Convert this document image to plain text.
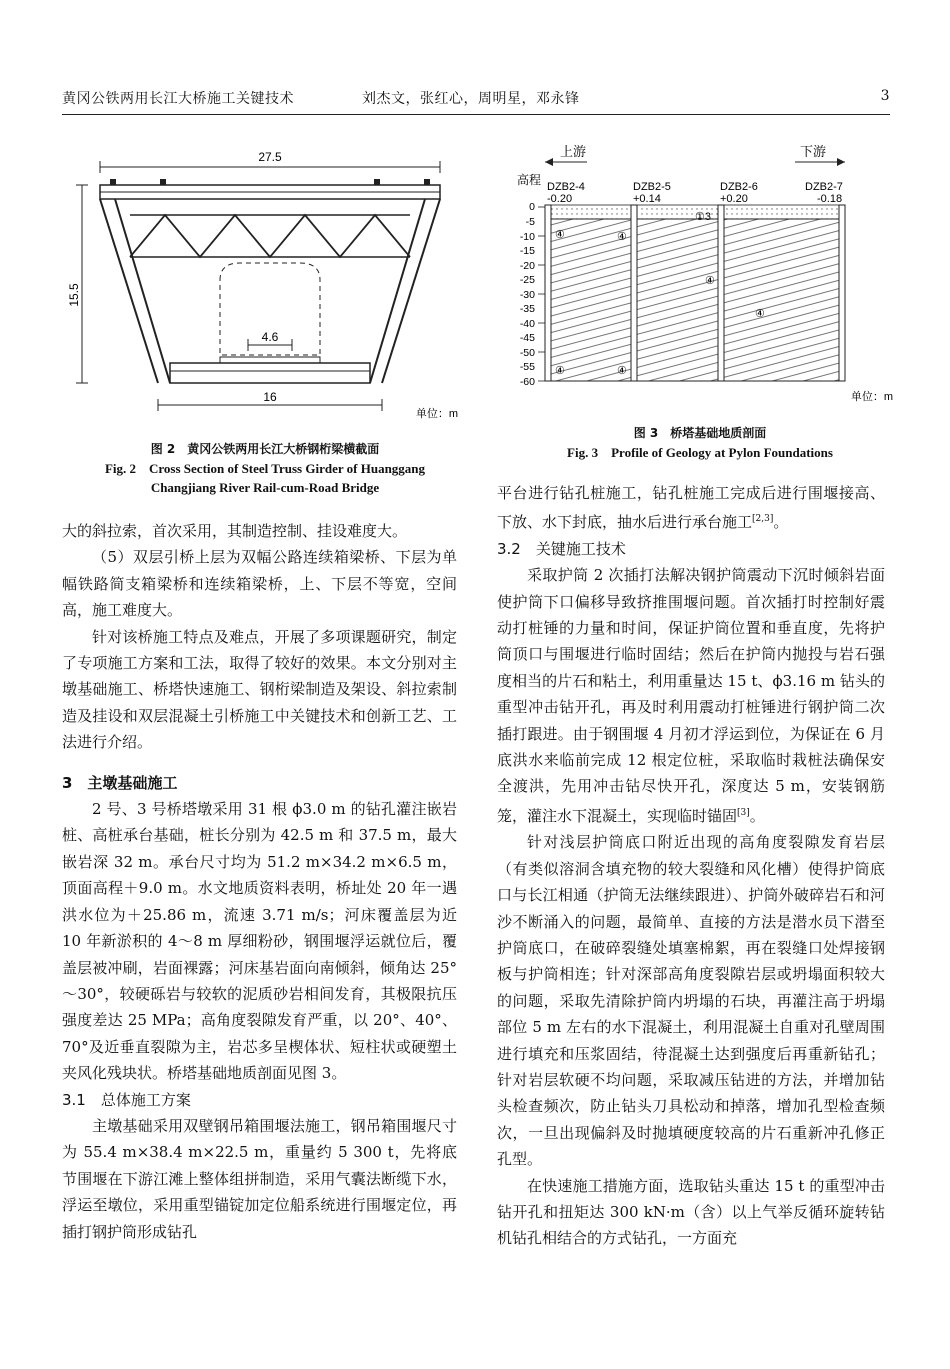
黄冈公铁两用长江大桥施工关键技术	刘杰文，张红心，周明星，邓永锋	3
27.5
15.5
4.6
16
单位：m
图 2　黄冈公铁两用长江大桥钢桁梁横截面
Fig. 2　Cross Section of Steel Truss Girder of Huanggang
Changjiang River Rail-cum-Road Bridge
上游	下游
高程 DZB2-4
-0.20
DZB2-5
+0.14
DZB2-6
+0.20
DZB2-7
-0.18
0
-5
-10
-15
-20
-25
-30
-35
-40
-45
-50
-55
-60
①3
④	④
④
④
④	④
单位：m
图 3　桥塔基础地质剖面
Fig. 3　Profile of Geology at Pylon Foundations

大的斜拉索，首次采用，其制造控制、挂设难度大。

（5）双层引桥上层为双幅公路连续箱梁桥、下层为单幅铁路简支箱梁桥和连续箱梁桥，上、下层不等宽，空间高，施工难度大。

针对该桥施工特点及难点，开展了多项课题研究，制定了专项施工方案和工法，取得了较好的效果。本文分别对主墩基础施工、桥塔快速施工、钢桁梁制造及架设、斜拉索制造及挂设和双层混凝土引桥施工中关键技术和创新工艺、工法进行介绍。

3　主墩基础施工

2 号、3 号桥塔墩采用 31 根 ϕ3.0 m 的钻孔灌注嵌岩桩、高桩承台基础，桩长分别为 42.5 m 和 37.5 m，最大嵌岩深 32 m。承台尺寸均为 51.2 m×34.2 m×6.5 m，顶面高程＋9.0 m。水文地质资料表明，桥址处 20 年一遇洪水位为＋25.86 m，流速 3.71 m/s；河床覆盖层为近 10 年新淤积的 4～8 m 厚细粉砂，钢围堰浮运就位后，覆盖层被冲刷，岩面裸露；河床基岩面向南倾斜，倾角达 25°～30°，较硬砾岩与较软的泥质砂岩相间发育，其极限抗压强度差达 25 MPa；高角度裂隙发育严重，以 20°、40°、70°及近垂直裂隙为主，岩芯多呈楔体状、短柱状或硬塑土夹风化残块状。桥塔基础地质剖面见图 3。

3.1　总体施工方案

主墩基础采用双壁钢吊箱围堰法施工，钢吊箱围堰尺寸为 55.4 m×38.4 m×22.5 m，重量约 5 300 t，先将底节围堰在下游江滩上整体组拼制造，采用气囊法断缆下水，浮运至墩位，采用重型锚锭加定位船系统进行围堰定位，再插打钢护筒形成钻孔

平台进行钻孔桩施工，钻孔桩施工完成后进行围堰接高、下放、水下封底，抽水后进行承台施工[2,3]。

3.2　关键施工技术

采取护筒 2 次插打法解决钢护筒震动下沉时倾斜岩面使护筒下口偏移导致挤推围堰问题。首次插打时控制好震动打桩锤的力量和时间，保证护筒位置和垂直度，先将护筒顶口与围堰进行临时固结；然后在护筒内抛投与岩石强度相当的片石和粘土，利用重量达 15 t、ϕ3.16 m 钻头的重型冲击钻开孔，再及时利用震动打桩锤进行钢护筒二次插打跟进。由于钢围堰 4 月初才浮运到位，为保证在 6 月底洪水来临前完成 12 根定位桩，采取临时栽桩法确保安全渡洪，先用冲击钻尽快开孔，深度达 5 m，安装钢筋笼，灌注水下混凝土，实现临时锚固[3]。

针对浅层护筒底口附近出现的高角度裂隙发育岩层（有类似溶洞含填充物的较大裂缝和风化槽）使得护筒底口与长江相通（护筒无法继续跟进）、护筒外破碎岩石和河沙不断涌入的问题，最简单、直接的方法是潜水员下潜至护筒底口，在破碎裂缝处填塞棉絮，再在裂缝口处焊接钢板与护筒相连；针对深部高角度裂隙岩层或坍塌面积较大的问题，采取先清除护筒内坍塌的石块，再灌注高于坍塌部位 5 m 左右的水下混凝土，利用混凝土自重对孔壁周围进行填充和压浆固结，待混凝土达到强度后再重新钻孔；针对岩层软硬不均问题，采取减压钻进的方法，并增加钻头检查频次，防止钻头刀具松动和掉落，增加孔型检查频次，一旦出现偏斜及时抛填硬度较高的片石重新冲孔修正孔型。

在快速施工措施方面，选取钻头重达 15 t 的重型冲击钻开孔和扭矩达 300 kN·m（含）以上气举反循环旋转钻机钻孔相结合的方式钻孔，一方面充
